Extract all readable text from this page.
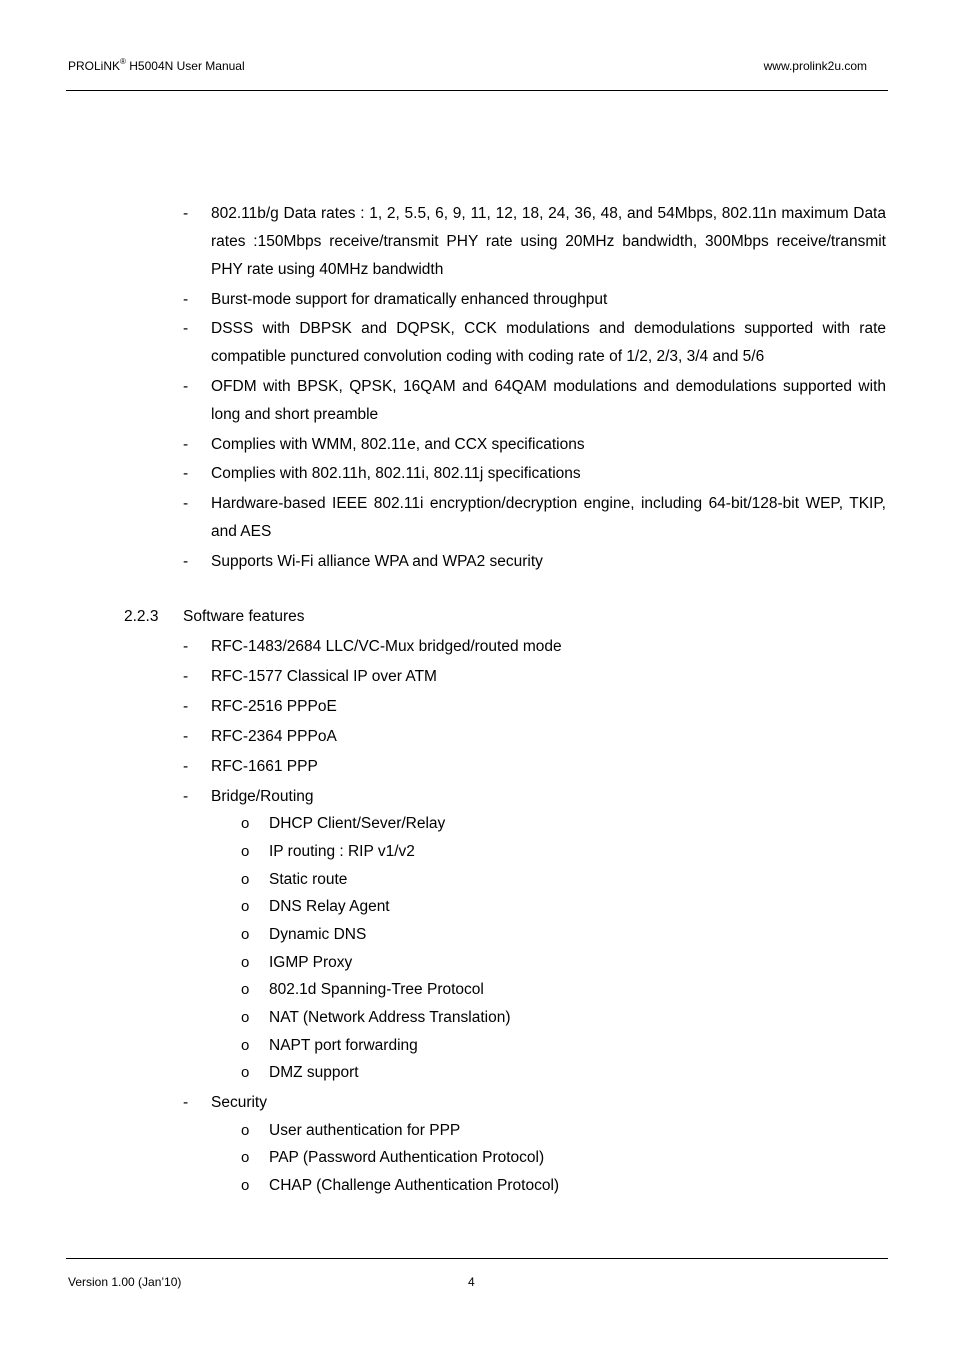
PROLiNK® H5004N User Manual	www.prolink2u.com
- 802.11b/g Data rates : 1, 2, 5.5, 6, 9, 11, 12, 18, 24, 36, 48, and 54Mbps, 802.11n maximum Data rates :150Mbps receive/transmit PHY rate using 20MHz bandwidth, 300Mbps receive/transmit PHY rate using 40MHz bandwidth
- Burst-mode support for dramatically enhanced throughput
- DSSS with DBPSK and DQPSK, CCK modulations and demodulations supported with rate compatible punctured convolution coding with coding rate of 1/2, 2/3, 3/4 and 5/6
- OFDM with BPSK, QPSK, 16QAM and 64QAM modulations and demodulations supported with long and short preamble
- Complies with WMM, 802.11e, and CCX specifications
- Complies with 802.11h, 802.11i, 802.11j specifications
- Hardware-based IEEE 802.11i encryption/decryption engine, including 64-bit/128-bit WEP, TKIP, and AES
- Supports Wi-Fi alliance WPA and WPA2 security
2.2.3 Software features
- RFC-1483/2684 LLC/VC-Mux bridged/routed mode
- RFC-1577 Classical IP over ATM
- RFC-2516 PPPoE
- RFC-2364 PPPoA
- RFC-1661 PPP
- Bridge/Routing
o DHCP Client/Sever/Relay
o IP routing : RIP v1/v2
o Static route
o DNS Relay Agent
o Dynamic DNS
o IGMP Proxy
o 802.1d Spanning-Tree Protocol
o NAT (Network Address Translation)
o NAPT port forwarding
o DMZ support
- Security
o User authentication for PPP
o PAP (Password Authentication Protocol)
o CHAP (Challenge Authentication Protocol)
Version 1.00 (Jan’10)	4
